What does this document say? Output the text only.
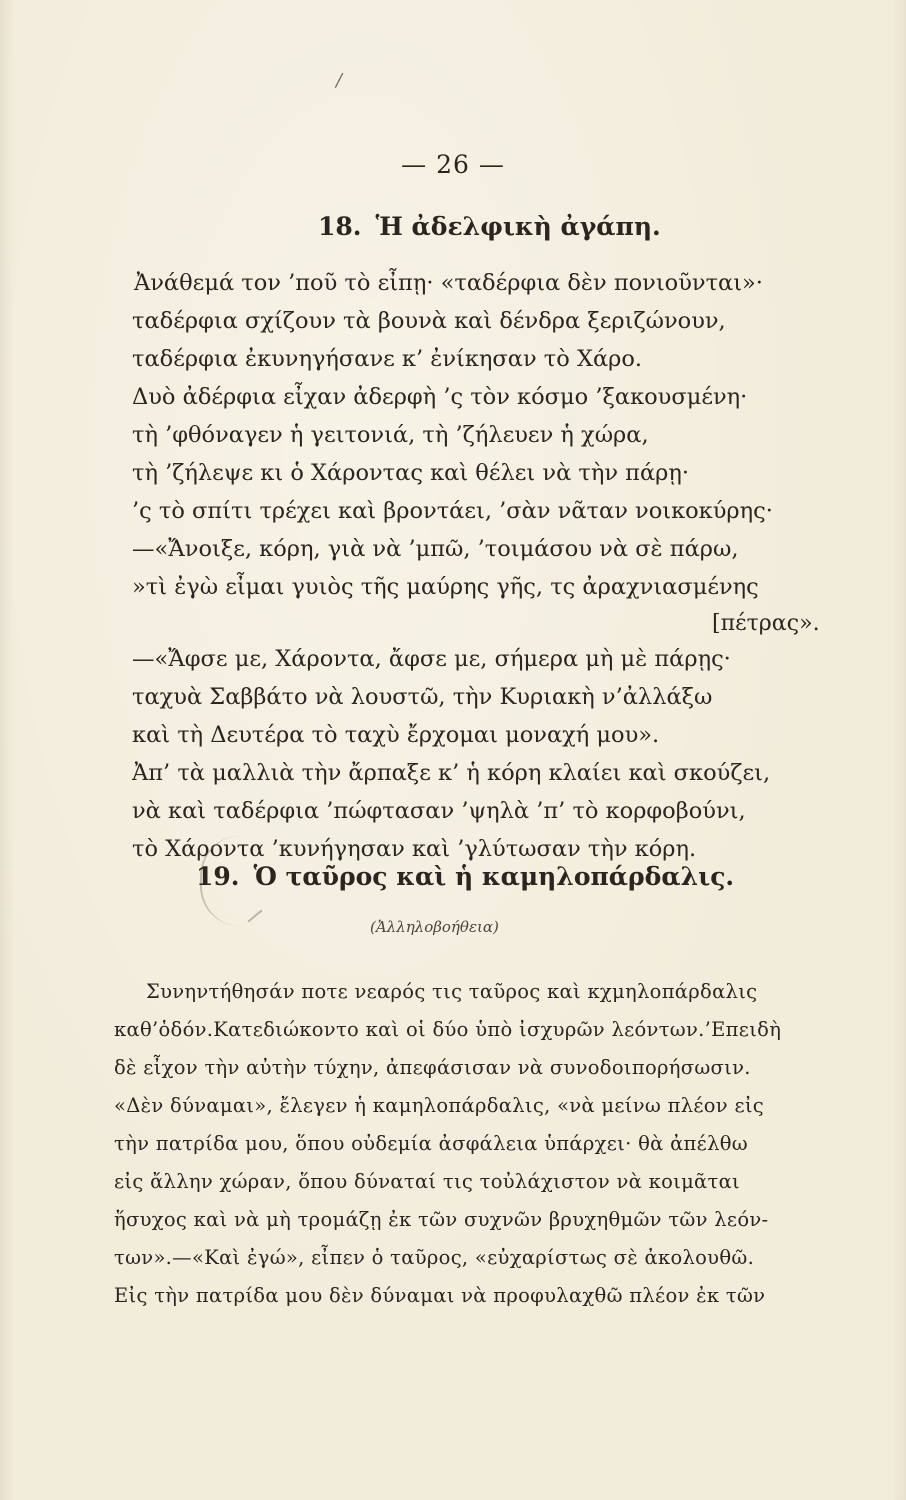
/
— 26 —
18. Ἡ ἀδελφικὴ ἀγάπη.
Ἀνάθεμά τον ’ποῦ τὸ εἶπῃ· «ταδέρφια δὲν πονιοῦνται»·
ταδέρφια σχίζουν τὰ βουνὰ καὶ δένδρα ξεριζώνουν,
ταδέρφια ἐκυνηγήσανε κ’ ἐνίκησαν τὸ Χάρο.
Δυὸ ἀδέρφια εἶχαν ἀδερφὴ ’ς τὸν κόσμο ’ξακουσμένη·
τὴ ’φθόναγεν ἡ γειτονιά, τὴ ’ζήλευεν ἡ χώρα,
τὴ ’ζήλεψε κι ὁ Χάροντας καὶ θέλει νὰ τὴν πάρῃ·
’ς τὸ σπίτι τρέχει καὶ βροντάει, ’σὰν νᾶταν νοικοκύρης·
—«Ἄνοιξε, κόρη, γιὰ νὰ ’μπῶ, ’τοιμάσου νὰ σὲ πάρω,
»τὶ ἐγὼ εἶμαι γυιὸς τῆς μαύρης γῆς, τς ἀραχνιασμένης
[πέτρας».
—«Ἄφσε με, Χάροντα, ἄφσε με, σήμερα μὴ μὲ πάρῃς·
ταχυὰ Σαββάτο νὰ λουστῶ, τὴν Κυριακὴ ν’ἀλλάξω
καὶ τὴ Δευτέρα τὸ ταχὺ ἔρχομαι μοναχή μου».
Ἀπ’ τὰ μαλλιὰ τὴν ἄρπαξε κ’ ἡ κόρη κλαίει καὶ σκούζει,
νὰ καὶ ταδέρφια ’πώφτασαν ’ψηλὰ ’π’ τὸ κορφοβούνι,
τὸ Χάροντα ’κυνήγησαν καὶ ’γλύτωσαν τὴν κόρη.
19. Ὁ ταῦρος καὶ ἡ καμηλοπάρδαλις.
(Ἀλληλοβοήθεια)
Συνηντήθησάν ποτε νεαρός τις ταῦρος καὶ κχμηλοπάρδαλις
καθ’ὁδόν.Κατεδιώκοντο καὶ οἱ δύο ὑπὸ ἰσχυρῶν λεόντων.’Επειδὴ
δὲ εἶχον τὴν αὐτὴν τύχην, ἀπεφάσισαν νὰ συνοδοιπορήσωσιν.
«Δὲν δύναμαι», ἔλεγεν ἡ καμηλοπάρδαλις, «νὰ μείνω πλέον εἰς
τὴν πατρίδα μου, ὅπου οὐδεμία ἀσφάλεια ὑπάρχει· θὰ ἀπέλθω
εἰς ἄλλην χώραν, ὅπου δύναταί τις τοὐλάχιστον νὰ κοιμᾶται
ἥσυχος καὶ νὰ μὴ τρομάζῃ ἐκ τῶν συχνῶν βρυχηθμῶν τῶν λεόν-
των».—«Καὶ ἐγώ», εἶπεν ὁ ταῦρος, «εὐχαρίστως σὲ ἀκολουθῶ.
Εἰς τὴν πατρίδα μου δὲν δύναμαι νὰ προφυλαχθῶ πλέον ἐκ τῶν
